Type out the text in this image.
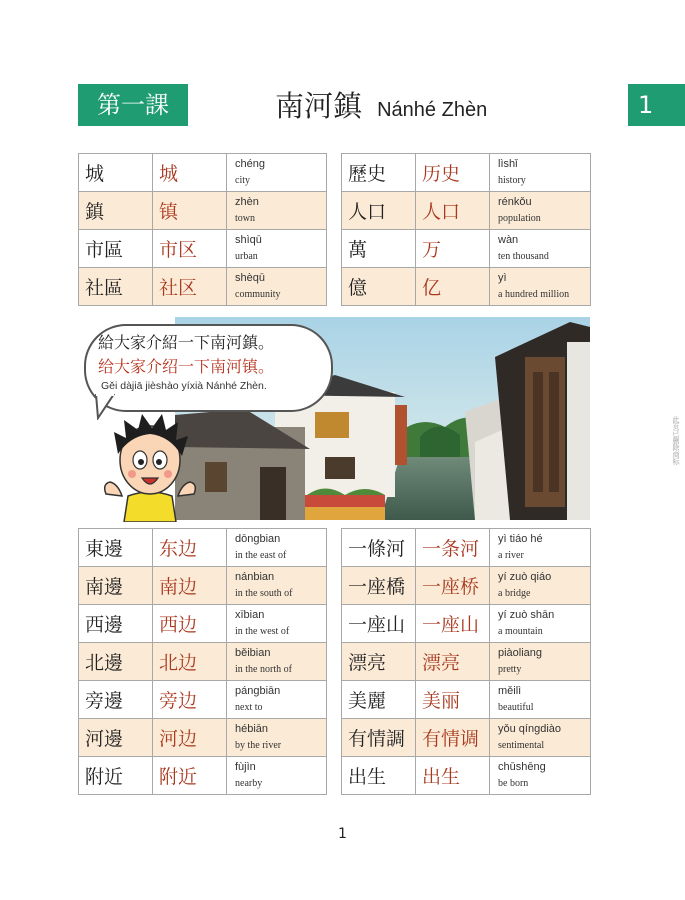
第一課	南河鎮 Nánhé Zhèn	1
城	城	chéng
city

鎮	镇	zhèn
town

市區	市区	shìqū
urban

社區	社区	shèqū
community
歷史	历史	lìshǐ
history

人口	人口	rénkǒu
population

萬	万	wàn
ten thousand

億	亿	yì
a hundred million
給大家介紹一下南河鎮。
给大家介绍一下南河镇。
Gěi dàjiā jièshào yíxià Nánhé Zhèn.
東邊	东边	dōngbian
in the east of

南邊	南边	nánbian
in the south of

西邊	西边	xībian
in the west of

北邊	北边	běibian
in the north of

旁邊	旁边	pángbiān
next to

河邊	河边	hébiān
by the river

附近	附近	fùjìn
nearby
一條河	一条河	yì tiáo hé
a river

一座橋	一座桥	yí zuò qiáo
a bridge

一座山	一座山	yí zuò shān
a mountain

漂亮	漂亮	piàoliang
pretty

美麗	美丽	měilì
beautiful

有情調	有情调	yǒu qíngdiào
sentimental

出生	出生	chūshēng
be born
此页已删除商标
1
